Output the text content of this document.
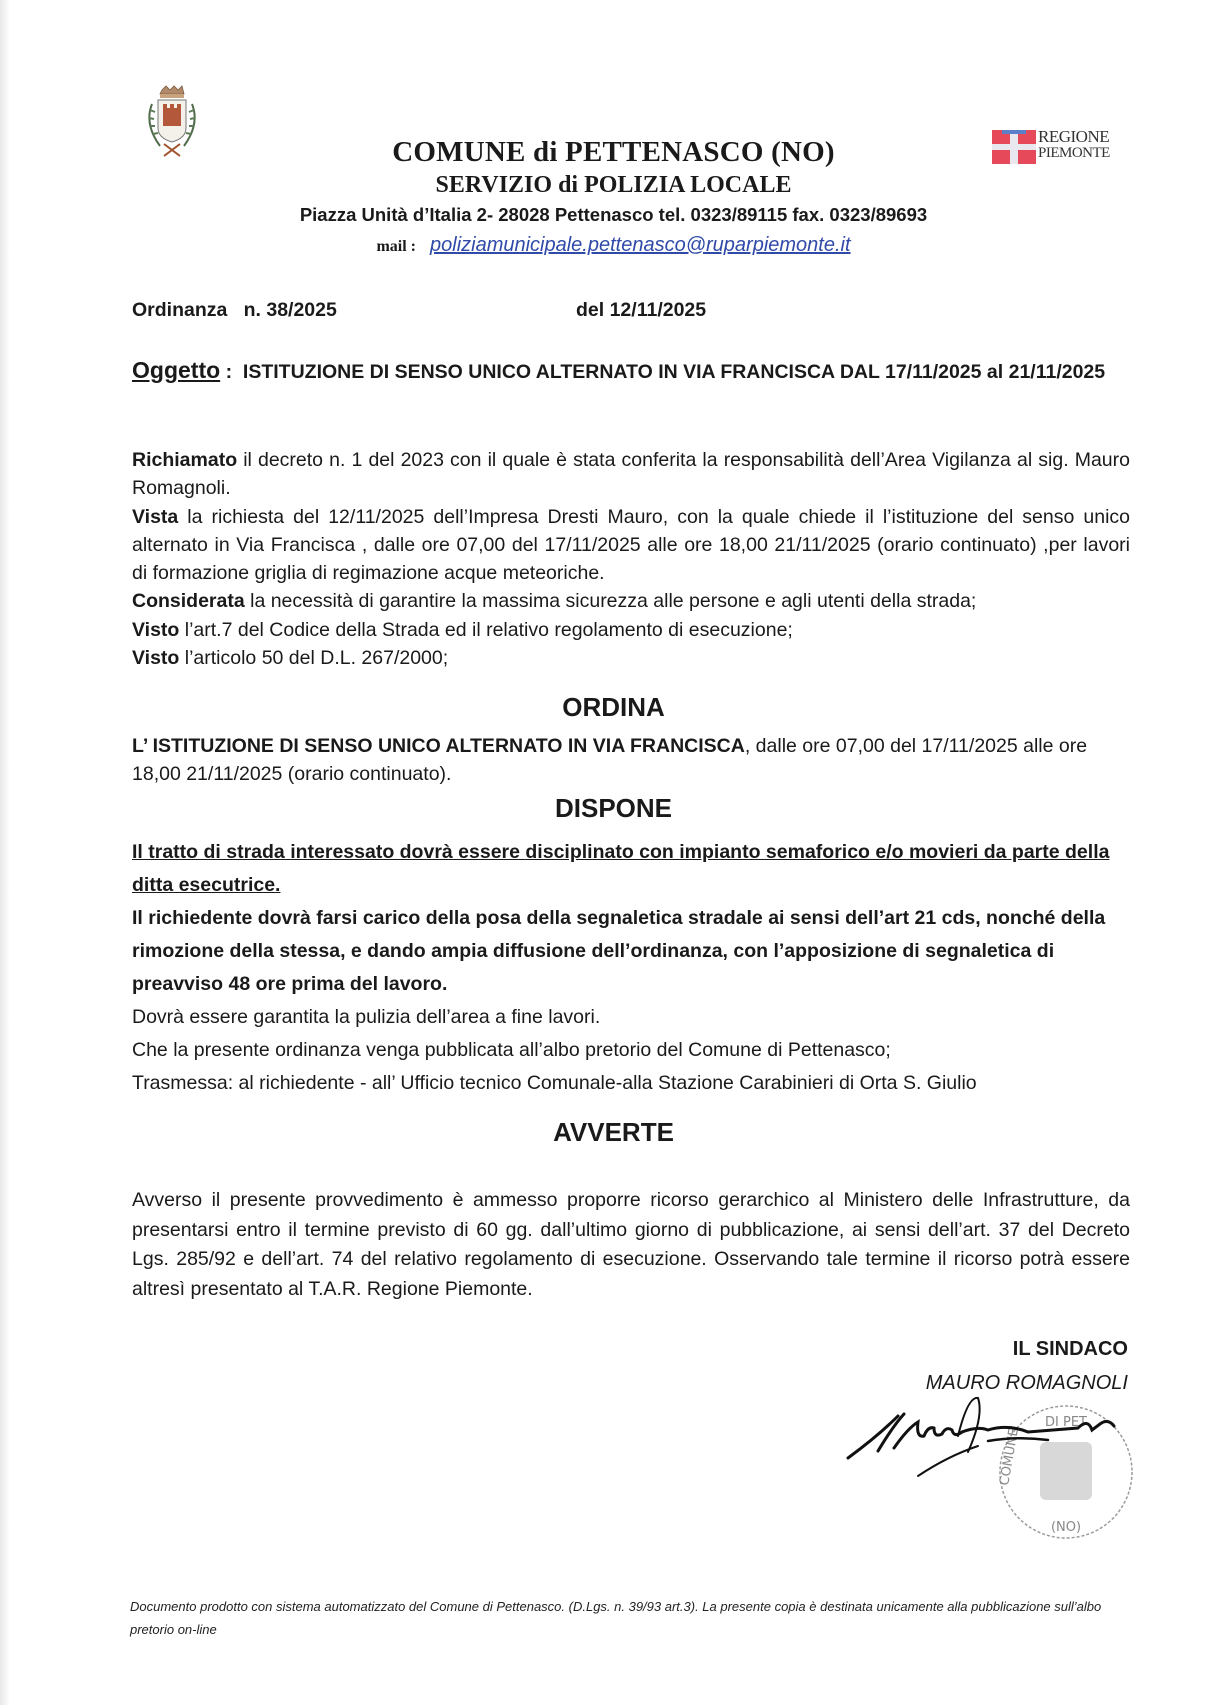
REGIONE
PIEMONTE
COMUNE di PETTENASCO (NO)
SERVIZIO di POLIZIA LOCALE
Piazza Unità d’Italia 2- 28028 Pettenasco tel. 0323/89115 fax. 0323/89693
mail : poliziamunicipale.pettenasco@ruparpiemonte.it
Ordinanza   n. 38/2025	del 12/11/2025
Oggetto :  ISTITUZIONE DI SENSO UNICO ALTERNATO IN VIA FRANCISCA DAL 17/11/2025 al 21/11/2025

Richiamato il decreto n. 1 del 2023 con il quale è stata conferita la responsabilità dell’Area Vigilanza al sig. Mauro Romagnoli.

Vista la richiesta del 12/11/2025 dell’Impresa Dresti Mauro, con la quale chiede il l’istituzione del senso unico alternato in Via Francisca , dalle ore 07,00 del 17/11/2025 alle ore 18,00 21/11/2025 (orario continuato) ,per lavori di formazione griglia di regimazione acque meteoriche.

Considerata la necessità di garantire la massima sicurezza alle persone e agli utenti della strada;

Visto l’art.7 del Codice della Strada ed il relativo regolamento di esecuzione;

Visto l’articolo 50 del D.L. 267/2000;

ORDINA
L’ ISTITUZIONE DI SENSO UNICO ALTERNATO IN VIA FRANCISCA, dalle ore 07,00 del 17/11/2025 alle ore 18,00 21/11/2025 (orario continuato).
DISPONE

Il tratto di strada interessato dovrà essere disciplinato con impianto semaforico e/o movieri da parte della ditta esecutrice.

Il richiedente dovrà farsi carico della posa della segnaletica stradale ai sensi dell’art 21 cds, nonché della rimozione della stessa, e dando ampia diffusione dell’ordinanza, con l’apposizione di segnaletica di preavviso 48 ore prima del lavoro.

Dovrà essere garantita la pulizia dell’area a fine lavori.

Che la presente ordinanza venga pubblicata all’albo pretorio del Comune di Pettenasco;

Trasmessa: al richiedente - all’ Ufficio tecnico Comunale-alla Stazione Carabinieri di Orta S. Giulio

AVVERTE
Avverso il presente provvedimento è ammesso proporre ricorso gerarchico al Ministero delle Infrastrutture, da presentarsi entro il termine previsto di 60 gg. dall’ultimo giorno di pubblicazione, ai sensi dell’art. 37 del Decreto Lgs. 285/92 e dell’art. 74 del relativo regolamento di esecuzione. Osservando tale termine il ricorso potrà essere altresì presentato al T.A.R. Regione Piemonte.
IL SINDACO
MAURO ROMAGNOLI
DI PET
(NO)
COMUNE
Documento prodotto con sistema automatizzato del Comune di Pettenasco. (D.Lgs. n. 39/93 art.3). La presente copia è destinata unicamente alla pubblicazione sull’albo pretorio on-line
